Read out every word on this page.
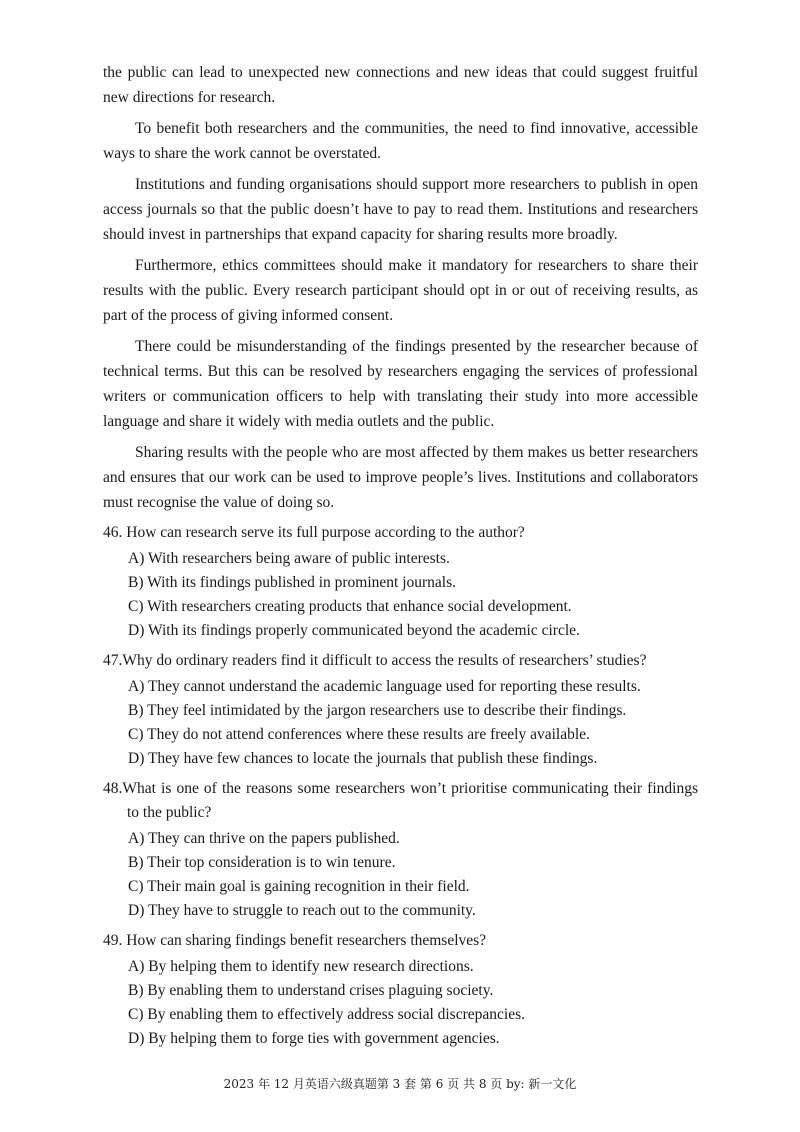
the public can lead to unexpected new connections and new ideas that could suggest fruitful new directions for research.

To benefit both researchers and the communities, the need to find innovative, accessible ways to share the work cannot be overstated.

Institutions and funding organisations should support more researchers to publish in open access journals so that the public doesn’t have to pay to read them. Institutions and researchers should invest in partnerships that expand capacity for sharing results more broadly.

Furthermore, ethics committees should make it mandatory for researchers to share their results with the public. Every research participant should opt in or out of receiving results, as part of the process of giving informed consent.

There could be misunderstanding of the findings presented by the researcher because of technical terms. But this can be resolved by researchers engaging the services of professional writers or communication officers to help with translating their study into more accessible language and share it widely with media outlets and the public.

Sharing results with the people who are most affected by them makes us better researchers and ensures that our work can be used to improve people’s lives. Institutions and collaborators must recognise the value of doing so.

46. How can research serve its full purpose according to the author?

A) With researchers being aware of public interests.
B) With its findings published in prominent journals.
C) With researchers creating products that enhance social development.
D) With its findings properly communicated beyond the academic circle.

47.Why do ordinary readers find it difficult to access the results of researchers’ studies?

A) They cannot understand the academic language used for reporting these results.
B) They feel intimidated by the jargon researchers use to describe their findings.
C) They do not attend conferences where these results are freely available.
D) They have few chances to locate the journals that publish these findings.

48.What is one of the reasons some researchers won’t prioritise communicating their findings to the public?

A) They can thrive on the papers published.
B) Their top consideration is to win tenure.
C) Their main goal is gaining recognition in their field.
D) They have to struggle to reach out to the community.

49. How can sharing findings benefit researchers themselves?

A) By helping them to identify new research directions.
B) By enabling them to understand crises plaguing society.
C) By enabling them to effectively address social discrepancies.
D) By helping them to forge ties with government agencies.
2023 年 12 月英语六级真题第 3 套 第 6 页 共 8 页 by: 新一文化
